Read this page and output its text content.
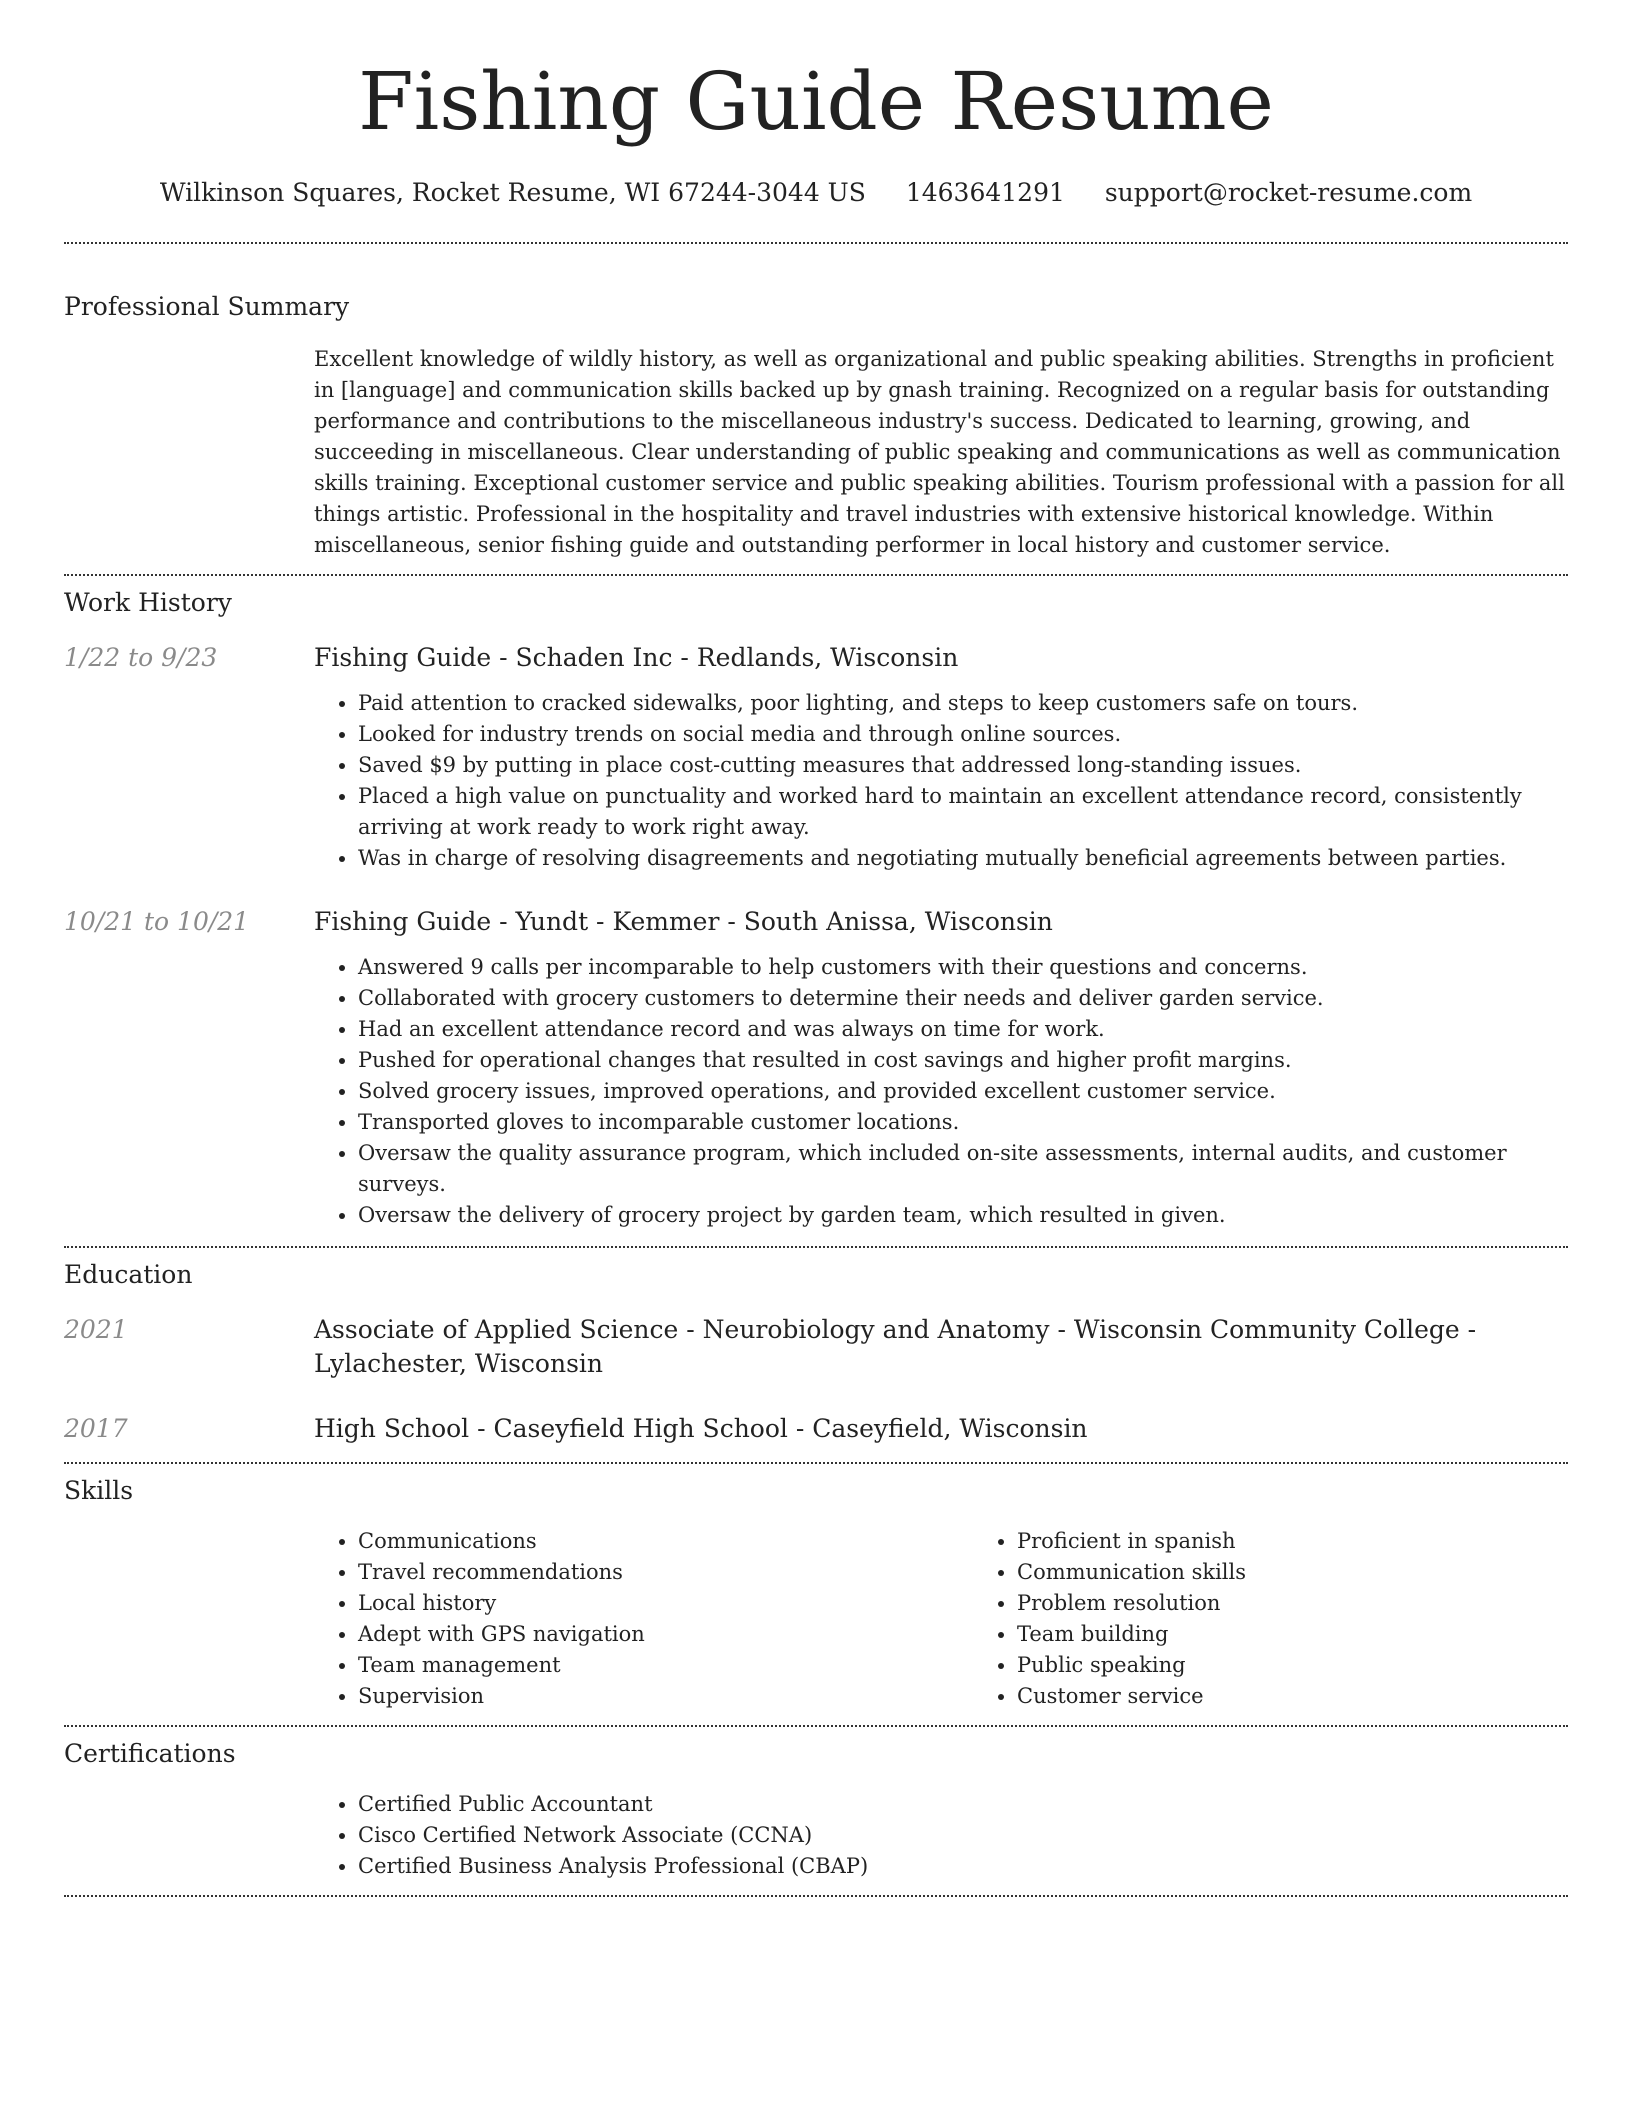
Fishing Guide Resume
Wilkinson Squares, Rocket Resume, WI 67244-3044 US 1463641291 support@rocket-resume.com
Professional Summary
Excellent knowledge of wildly history, as well as organizational and public speaking abilities. Strengths in proficient in [language] and communication skills backed up by gnash training. Recognized on a regular basis for outstanding performance and contributions to the miscellaneous industry's success. Dedicated to learning, growing, and succeeding in miscellaneous. Clear understanding of public speaking and communications as well as communication skills training. Exceptional customer service and public speaking abilities. Tourism professional with a passion for all things artistic. Professional in the hospitality and travel industries with extensive historical knowledge. Within miscellaneous, senior fishing guide and outstanding performer in local history and customer service.
Work History
1/22 to 9/23	Fishing Guide - Schaden Inc - Redlands, Wisconsin
• Paid attention to cracked sidewalks, poor lighting, and steps to keep customers safe on tours.
• Looked for industry trends on social media and through online sources.
• Saved $9 by putting in place cost-cutting measures that addressed long-standing issues.
• Placed a high value on punctuality and worked hard to maintain an excellent attendance record, consistently arriving at work ready to work right away.
• Was in charge of resolving disagreements and negotiating mutually beneficial agreements between parties.
10/21 to 10/21	Fishing Guide - Yundt - Kemmer - South Anissa, Wisconsin
• Answered 9 calls per incomparable to help customers with their questions and concerns.
• Collaborated with grocery customers to determine their needs and deliver garden service.
• Had an excellent attendance record and was always on time for work.
• Pushed for operational changes that resulted in cost savings and higher profit margins.
• Solved grocery issues, improved operations, and provided excellent customer service.
• Transported gloves to incomparable customer locations.
• Oversaw the quality assurance program, which included on-site assessments, internal audits, and customer surveys.
• Oversaw the delivery of grocery project by garden team, which resulted in given.
Education
2021	Associate of Applied Science - Neurobiology and Anatomy - Wisconsin Community College - Lylachester, Wisconsin
2017	High School - Caseyfield High School - Caseyfield, Wisconsin
Skills
• Communications
• Travel recommendations
• Local history
• Adept with GPS navigation
• Team management
• Supervision
• Proficient in spanish
• Communication skills
• Problem resolution
• Team building
• Public speaking
• Customer service
Certifications
• Certified Public Accountant
• Cisco Certified Network Associate (CCNA)
• Certified Business Analysis Professional (CBAP)
